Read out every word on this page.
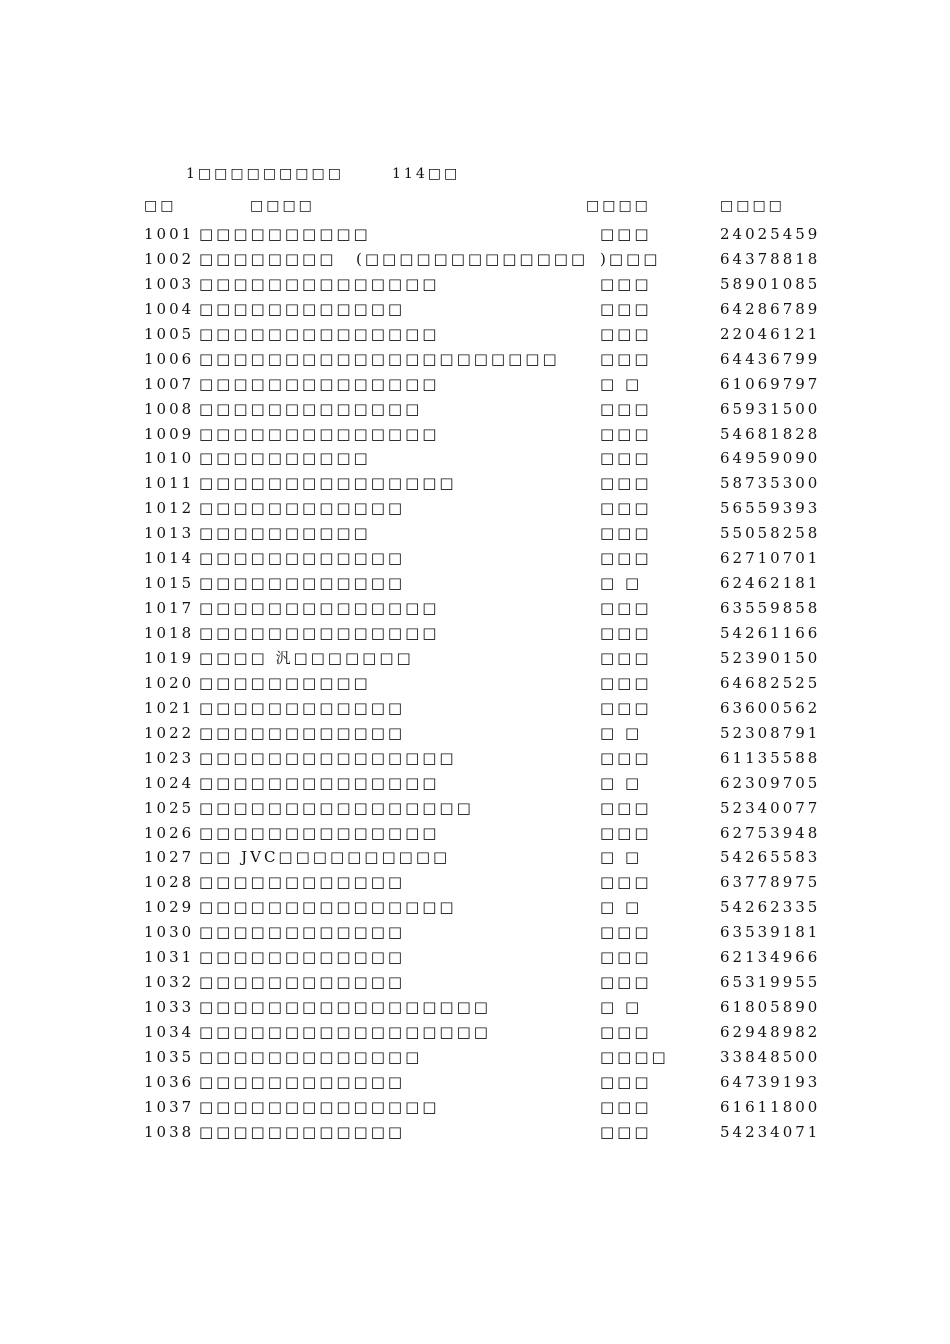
1□□□□□□□□□	114□□
□□	□□□□	□□□□	□□□□
1001 □□□□□□□□□□	□□□	24025459
1002 □□□□□□□□ (□□□□□□□□□□□□□ )□□□	64378818
1003 □□□□□□□□□□□□□□	□□□	58901085
1004 □□□□□□□□□□□□	□□□	64286789
1005 □□□□□□□□□□□□□□	□□□	22046121
1006 □□□□□□□□□□□□□□□□□□□□□	□□□	64436799
1007 □□□□□□□□□□□□□□	□ □	61069797
1008 □□□□□□□□□□□□□	□□□	65931500
1009 □□□□□□□□□□□□□□	□□□	54681828
1010 □□□□□□□□□□	□□□	64959090
1011 □□□□□□□□□□□□□□□	□□□	58735300
1012 □□□□□□□□□□□□	□□□	56559393
1013 □□□□□□□□□□	□□□	55058258
1014 □□□□□□□□□□□□	□□□	62710701
1015 □□□□□□□□□□□□	□ □	62462181
1017 □□□□□□□□□□□□□□	□□□	63559858
1018 □□□□□□□□□□□□□□	□□□	54261166
1019 □□□□ 汎□□□□□□□	□□□	52390150
1020 □□□□□□□□□□	□□□	64682525
1021 □□□□□□□□□□□□	□□□	63600562
1022 □□□□□□□□□□□□	□ □	52308791
1023 □□□□□□□□□□□□□□□	□□□	61135588
1024 □□□□□□□□□□□□□□	□ □	62309705
1025 □□□□□□□□□□□□□□□□	□□□	52340077
1026 □□□□□□□□□□□□□□	□□□	62753948
1027 □□ JVC□□□□□□□□□□	□ □	54265583
1028 □□□□□□□□□□□□	□□□	63778975
1029 □□□□□□□□□□□□□□□	□ □	54262335
1030 □□□□□□□□□□□□	□□□	63539181
1031 □□□□□□□□□□□□	□□□	62134966
1032 □□□□□□□□□□□□	□□□	65319955
1033 □□□□□□□□□□□□□□□□□	□ □	61805890
1034 □□□□□□□□□□□□□□□□□	□□□	62948982
1035 □□□□□□□□□□□□□	□□□□	33848500
1036 □□□□□□□□□□□□	□□□	64739193
1037 □□□□□□□□□□□□□□	□□□	61611800
1038 □□□□□□□□□□□□	□□□	54234071
